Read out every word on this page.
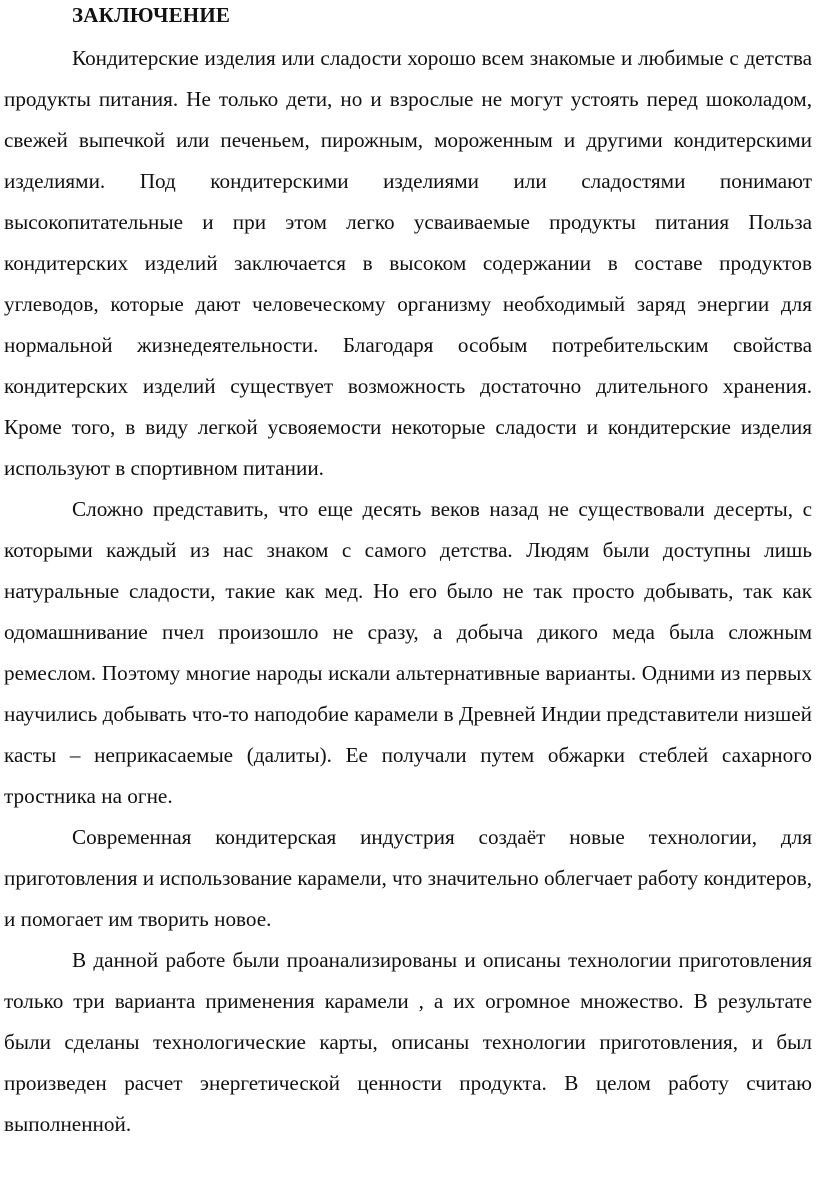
ЗАКЛЮЧЕНИЕ

Кондитерские изделия или сладости хорошо всем знакомые и любимые с детства продукты питания. Не только дети, но и взрослые не могут устоять перед шоколадом, свежей выпечкой или печеньем, пирожным, мороженным и другими кондитерскими изделиями. Под кондитерскими изделиями или сладостями понимают высокопитательные и при этом легко усваиваемые продукты питания Польза кондитерских изделий заключается в высоком содержании в составе продуктов углеводов, которые дают человеческому организму необходимый заряд энергии для нормальной жизнедеятельности. Благодаря особым потребительским свойства кондитерских изделий существует возможность достаточно длительного хранения. Кроме того, в виду легкой усвояемости некоторые сладости и кондитерские изделия используют в спортивном питании.

Сложно представить, что еще десять веков назад не существовали десерты, с которыми каждый из нас знаком с самого детства. Людям были доступны лишь натуральные сладости, такие как мед. Но его было не так просто добывать, так как одомашнивание пчел произошло не сразу, а добыча дикого меда была сложным ремеслом. Поэтому многие народы искали альтернативные варианты. Одними из первых научились добывать что-то наподобие карамели в Древней Индии представители низшей касты – неприкасаемые (далиты). Ее получали путем обжарки стеблей сахарного тростника на огне.

Современная кондитерская индустрия создаёт новые технологии, для приготовления и использование карамели, что значительно облегчает работу кондитеров, и помогает им творить новое.

В данной работе были проанализированы и описаны технологии приготовления только три варианта применения карамели , а их огромное множество. В результате были сделаны технологические карты, описаны технологии приготовления, и был произведен расчет энергетической ценности продукта. В целом работу считаю выполненной.
